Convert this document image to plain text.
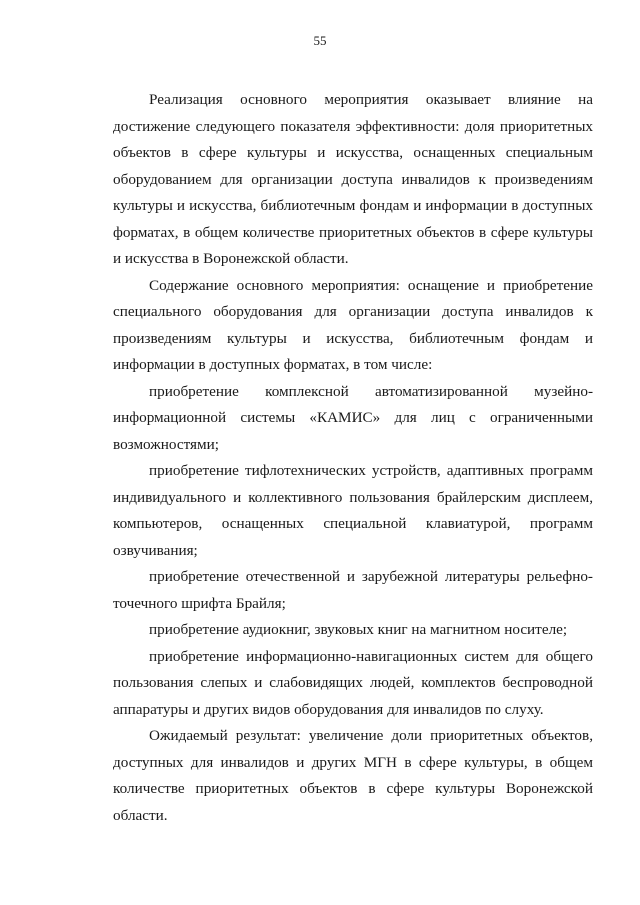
55

Реализация основного мероприятия оказывает влияние на достижение следующего показателя эффективности: доля приоритетных объектов в сфере культуры и искусства, оснащенных специальным оборудованием для организации доступа инвалидов к произведениям культуры и искусства, библиотечным фондам и информации в доступных форматах, в общем количестве приоритетных объектов в сфере культуры и искусства в Воронежской области.

Содержание основного мероприятия: оснащение и приобретение специального оборудования для организации доступа инвалидов к произведениям культуры и искусства, библиотечным фондам и информации в доступных форматах, в том числе:

приобретение комплексной автоматизированной музейно-информационной системы «КАМИС» для лиц с ограниченными возможностями;

приобретение тифлотехнических устройств, адаптивных программ индивидуального и коллективного пользования брайлерским дисплеем, компьютеров, оснащенных специальной клавиатурой, программ озвучивания;

приобретение отечественной и зарубежной литературы рельефно-точечного шрифта Брайля;

приобретение аудиокниг, звуковых книг на магнитном носителе;

приобретение информационно-навигационных систем для общего пользования слепых и слабовидящих людей, комплектов беспроводной аппаратуры и других видов оборудования для инвалидов по слуху.

Ожидаемый результат: увеличение доли приоритетных объектов, доступных для инвалидов и других МГН в сфере культуры, в общем количестве приоритетных объектов в сфере культуры Воронежской области.
